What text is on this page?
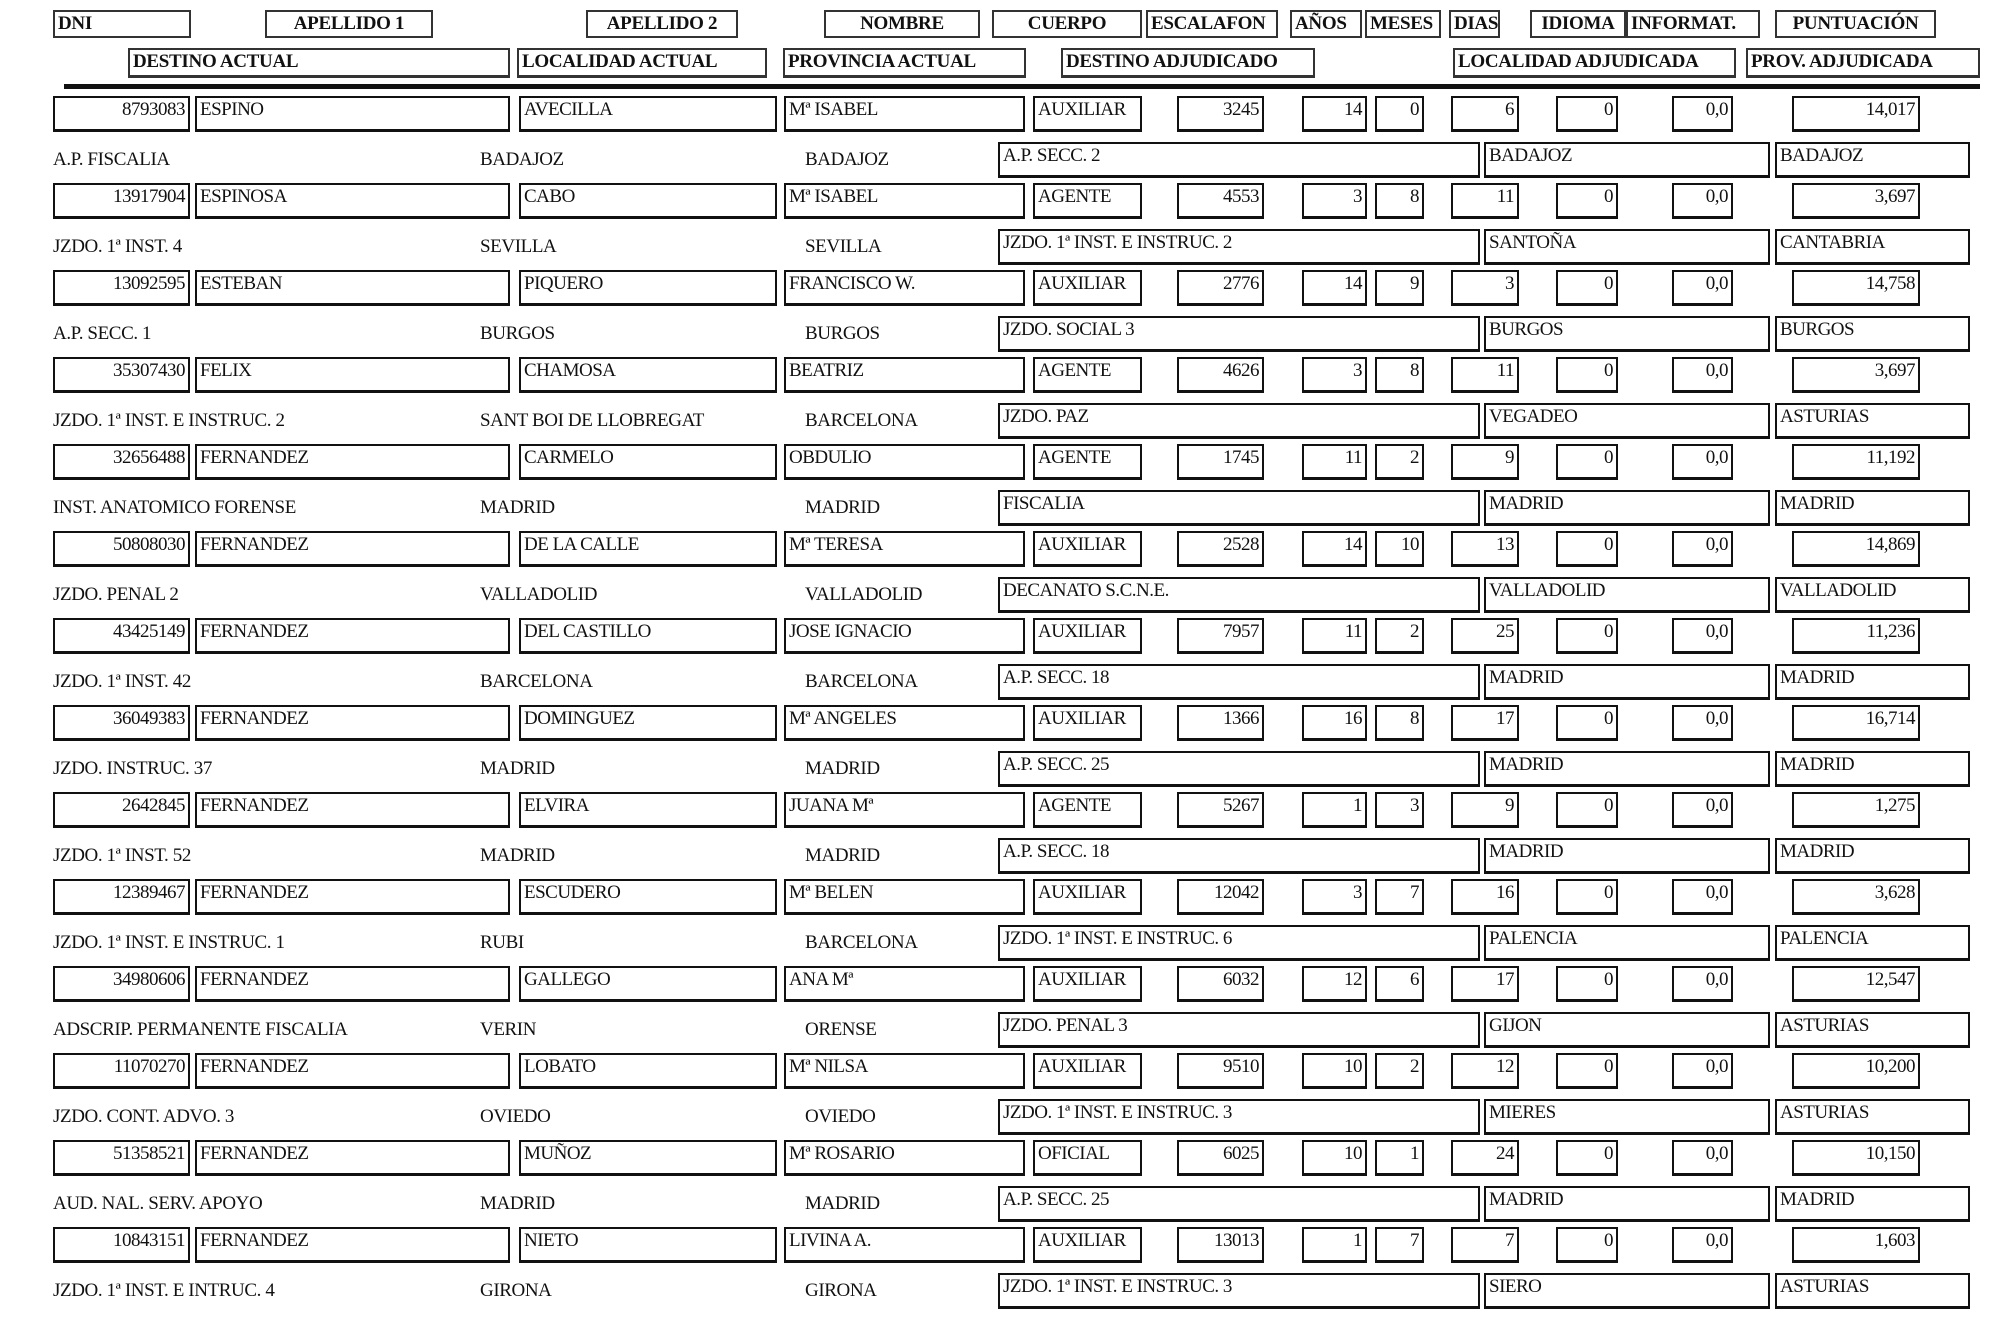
DNI	APELLIDO 1	APELLIDO 2	NOMBRE	CUERPO	ESCALAFON	AÑOS	MESES	DIAS	IDIOMA INFORMAT.	PUNTUACIÓN
DESTINO ACTUAL	LOCALIDAD ACTUAL	PROVINCIA ACTUAL	DESTINO ADJUDICADO	LOCALIDAD ADJUDICADA	PROV. ADJUDICADA
8793083 ESPINO	AVECILLA	Mª ISABEL	AUXILIAR	3245	14	0	6	0	0,0	14,017
A.P. FISCALIA	BADAJOZ	BADAJOZ	A.P. SECC. 2	BADAJOZ	BADAJOZ
13917904 ESPINOSA	CABO	Mª ISABEL	AGENTE	4553	3	8	11	0	0,0	3,697
JZDO. 1ª INST. 4	SEVILLA	SEVILLA	JZDO. 1ª INST. E INSTRUC. 2	SANTOÑA	CANTABRIA
13092595 ESTEBAN	PIQUERO	FRANCISCO W.	AUXILIAR	2776	14	9	3	0	0,0	14,758
A.P. SECC. 1	BURGOS	BURGOS	JZDO. SOCIAL 3	BURGOS	BURGOS
35307430 FELIX	CHAMOSA	BEATRIZ	AGENTE	4626	3	8	11	0	0,0	3,697
JZDO. 1ª INST. E INSTRUC. 2	SANT BOI DE LLOBREGAT	BARCELONA	JZDO. PAZ	VEGADEO	ASTURIAS
32656488 FERNANDEZ	CARMELO	OBDULIO	AGENTE	1745	11	2	9	0	0,0	11,192
INST. ANATOMICO FORENSE	MADRID	MADRID	FISCALIA	MADRID	MADRID
50808030 FERNANDEZ	DE LA CALLE	Mª TERESA	AUXILIAR	2528	14	10	13	0	0,0	14,869
JZDO. PENAL 2	VALLADOLID	VALLADOLID	DECANATO S.C.N.E.	VALLADOLID	VALLADOLID
43425149 FERNANDEZ	DEL CASTILLO	JOSE IGNACIO	AUXILIAR	7957	11	2	25	0	0,0	11,236
JZDO. 1ª INST. 42	BARCELONA	BARCELONA	A.P. SECC. 18	MADRID	MADRID
36049383 FERNANDEZ	DOMINGUEZ	Mª ANGELES	AUXILIAR	1366	16	8	17	0	0,0	16,714
JZDO. INSTRUC. 37	MADRID	MADRID	A.P. SECC. 25	MADRID	MADRID
2642845 FERNANDEZ	ELVIRA	JUANA Mª	AGENTE	5267	1	3	9	0	0,0	1,275
JZDO. 1ª INST. 52	MADRID	MADRID	A.P. SECC. 18	MADRID	MADRID
12389467 FERNANDEZ	ESCUDERO	Mª BELEN	AUXILIAR	12042	3	7	16	0	0,0	3,628
JZDO. 1ª INST. E INSTRUC. 1	RUBI	BARCELONA	JZDO. 1ª INST. E INSTRUC. 6	PALENCIA	PALENCIA
34980606 FERNANDEZ	GALLEGO	ANA Mª	AUXILIAR	6032	12	6	17	0	0,0	12,547
ADSCRIP. PERMANENTE FISCALIA	VERIN	ORENSE	JZDO. PENAL 3	GIJON	ASTURIAS
11070270 FERNANDEZ	LOBATO	Mª NILSA	AUXILIAR	9510	10	2	12	0	0,0	10,200
JZDO. CONT. ADVO. 3	OVIEDO	OVIEDO	JZDO. 1ª INST. E INSTRUC. 3	MIERES	ASTURIAS
51358521 FERNANDEZ	MUÑOZ	Mª ROSARIO	OFICIAL	6025	10	1	24	0	0,0	10,150
AUD. NAL. SERV. APOYO	MADRID	MADRID	A.P. SECC. 25	MADRID	MADRID
10843151 FERNANDEZ	NIETO	LIVINA A.	AUXILIAR	13013	1	7	7	0	0,0	1,603
JZDO. 1ª INST. E INTRUC. 4	GIRONA	GIRONA	JZDO. 1ª INST. E INSTRUC. 3	SIERO	ASTURIAS
